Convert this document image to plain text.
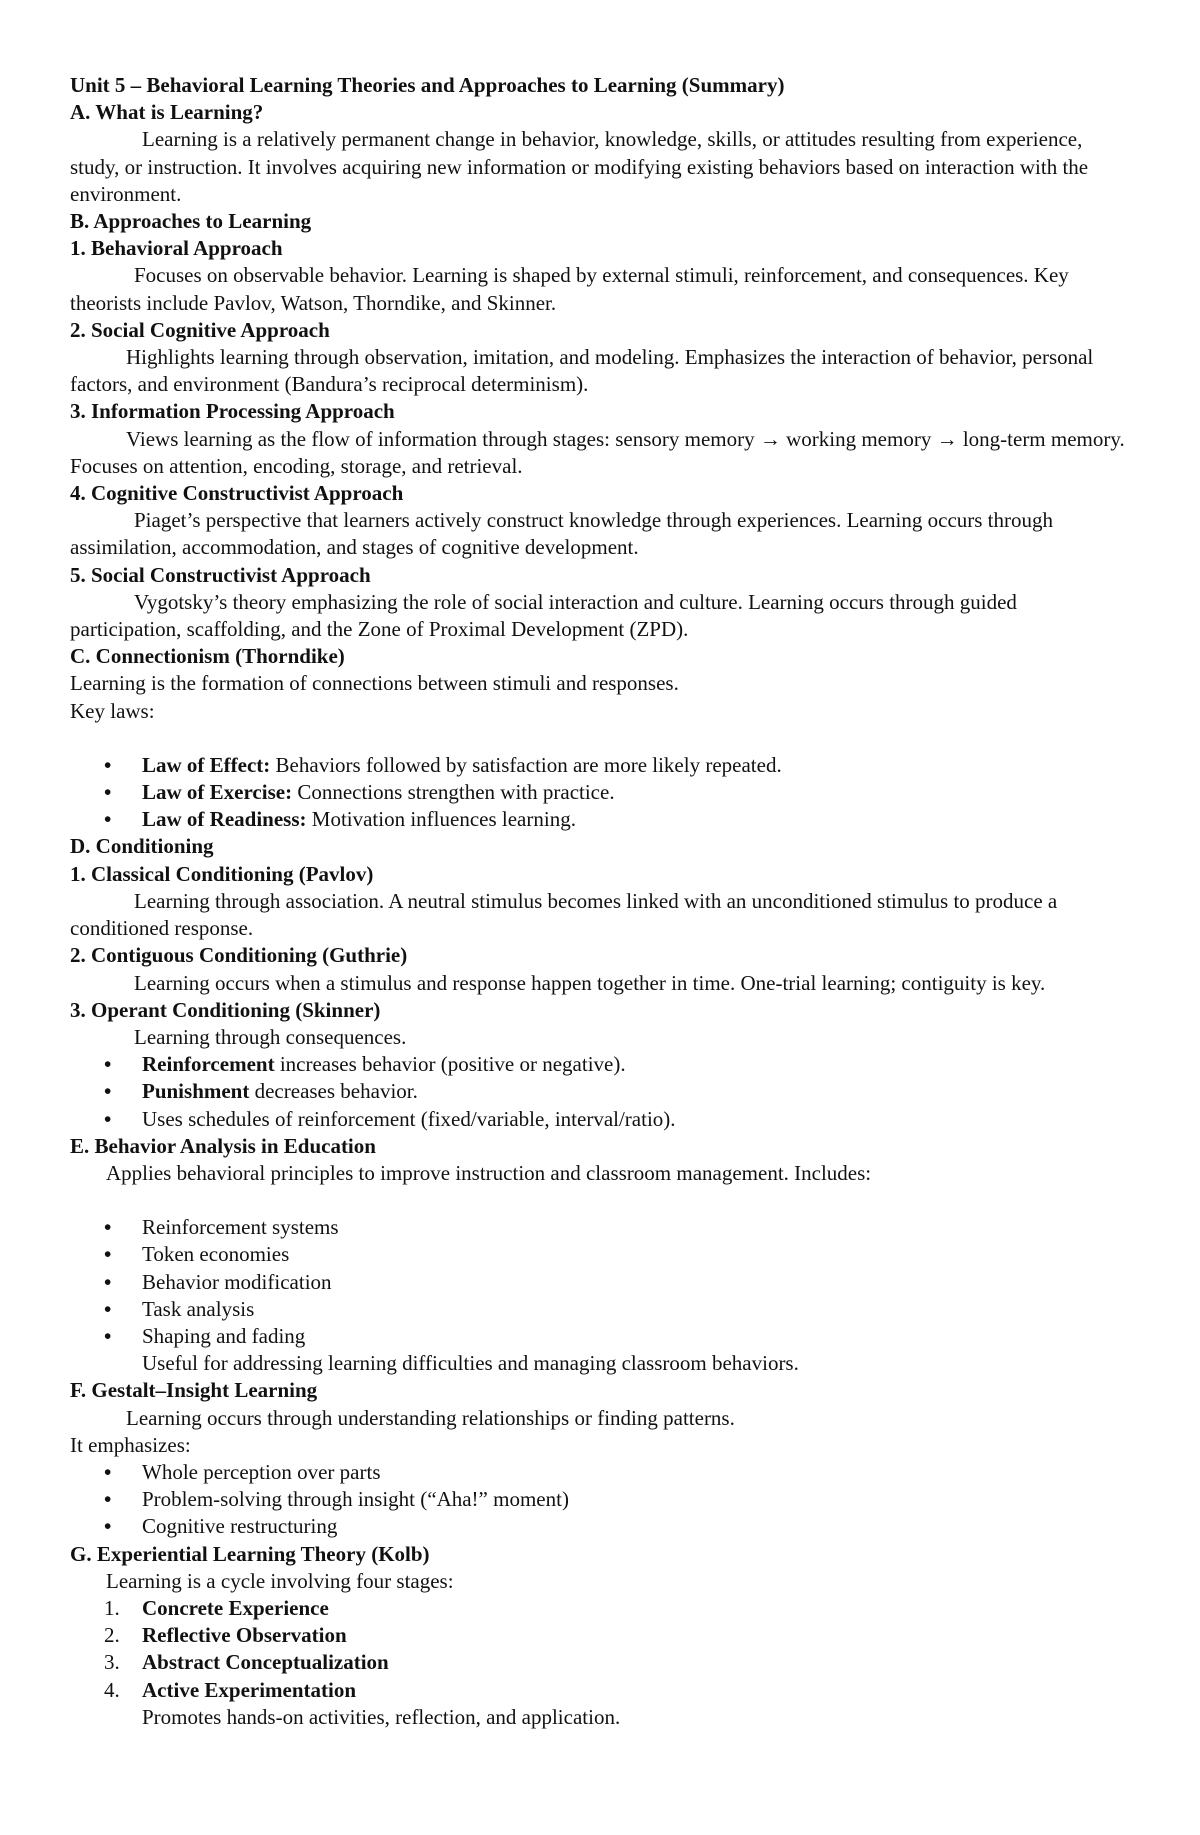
Unit 5 – Behavioral Learning Theories and Approaches to Learning (Summary)

A. What is Learning?

Learning is a relatively permanent change in behavior, knowledge, skills, or attitudes resulting from experience, study, or instruction. It involves acquiring new information or modifying existing behaviors based on interaction with the environment.

B. Approaches to Learning

1. Behavioral Approach

Focuses on observable behavior. Learning is shaped by external stimuli, reinforcement, and consequences. Key theorists include Pavlov, Watson, Thorndike, and Skinner.

2. Social Cognitive Approach

Highlights learning through observation, imitation, and modeling. Emphasizes the interaction of behavior, personal factors, and environment (Bandura’s reciprocal determinism).

3. Information Processing Approach

Views learning as the flow of information through stages: sensory memory → working memory → long-term memory. Focuses on attention, encoding, storage, and retrieval.

4. Cognitive Constructivist Approach

Piaget’s perspective that learners actively construct knowledge through experiences. Learning occurs through assimilation, accommodation, and stages of cognitive development.

5. Social Constructivist Approach

Vygotsky’s theory emphasizing the role of social interaction and culture. Learning occurs through guided participation, scaffolding, and the Zone of Proximal Development (ZPD).

C. Connectionism (Thorndike)

Learning is the formation of connections between stimuli and responses.

Key laws:

• Law of Effect: Behaviors followed by satisfaction are more likely repeated.
• Law of Exercise: Connections strengthen with practice.
• Law of Readiness: Motivation influences learning.

D. Conditioning

1. Classical Conditioning (Pavlov)

Learning through association. A neutral stimulus becomes linked with an unconditioned stimulus to produce a conditioned response.

2. Contiguous Conditioning (Guthrie)

Learning occurs when a stimulus and response happen together in time. One-trial learning; contiguity is key.

3. Operant Conditioning (Skinner)

Learning through consequences.

• Reinforcement increases behavior (positive or negative).
• Punishment decreases behavior.
• Uses schedules of reinforcement (fixed/variable, interval/ratio).

E. Behavior Analysis in Education

Applies behavioral principles to improve instruction and classroom management. Includes:

• Reinforcement systems
• Token economies
• Behavior modification
• Task analysis
• Shaping and fading

Useful for addressing learning difficulties and managing classroom behaviors.

F. Gestalt–Insight Learning

Learning occurs through understanding relationships or finding patterns.

It emphasizes:

• Whole perception over parts
• Problem-solving through insight (“Aha!” moment)
• Cognitive restructuring

G. Experiential Learning Theory (Kolb)

Learning is a cycle involving four stages:

1. Concrete Experience
2. Reflective Observation
3. Abstract Conceptualization
4. Active Experimentation

Promotes hands-on activities, reflection, and application.
